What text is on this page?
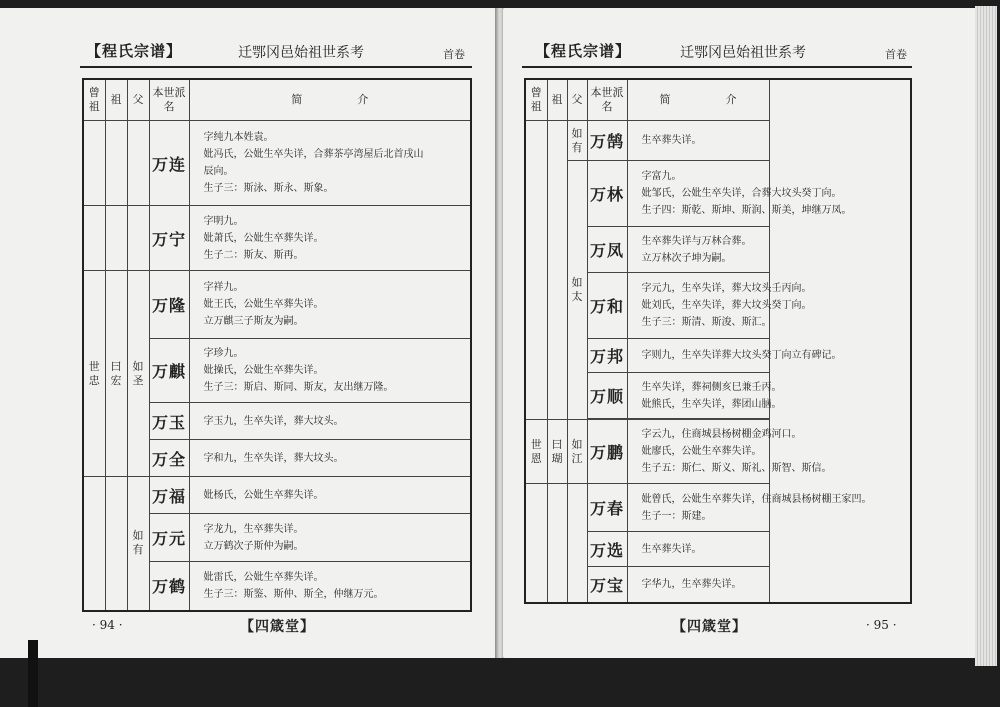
【程氏宗谱】	迁鄂冈邑始祖世系考	首卷
曾祖	祖	父	本世派名	简　　　　　介
			万连	字纯九本姓袁。
妣冯氏，公妣生卒失详，合葬茶亭湾屋后北首戌山
辰向。
生子三：斯泳、斯永、斯象。

			万宁	字明九。
妣萧氏，公妣生卒葬失详。
生子二：斯友、斯再。

世忠	曰宏	如圣	万隆	字祥九。
妣王氏，公妣生卒葬失详。
立万麒三子斯友为嗣。

			万麒	字珍九。
妣操氏，公妣生卒葬失详。
生子三：斯启、斯同、斯友，友出继万隆。

			万玉	字玉九，生卒失详，葬大坟头。

			万全	字和九，生卒失详，葬大坟头。

		如有	万福	妣杨氏，公妣生卒葬失详。

			万元	字龙九，生卒葬失详。
立万鹤次子斯仲为嗣。

			万鹤	妣雷氏，公妣生卒葬失详。
生子三：斯鉴、斯仲、斯全，仲继万元。
· 94 ·	【四箴堂】
【程氏宗谱】	迁鄂冈邑始祖世系考	首卷
曾祖	祖	父	本世派名	简　　　　　介	
		如有	万鹄	生卒葬失详。	

		如太	万林	字富九。
妣邹氏，公妣生卒失详，合葬大坟头癸丁向。
生子四：斯乾、斯坤、斯润、斯美，坤继万凤。	

			万凤	生卒葬失详与万林合葬。
立万林次子坤为嗣。	

			万和	字元九，生卒失详，葬大坟头壬丙向。
妣刘氏，生卒失详，葬大坟头癸丁向。
生子三：斯清、斯浚、斯汇。	

			万邦	字则九，生卒失详葬大坟头癸丁向立有碑记。	

			万顺	生卒失详，葬祠侧亥巳兼壬丙。
妣熊氏，生卒失详，葬团山脑。	

世恩	曰瑚	如江	万鹏	字云九，住商城县杨树棚金鸡河口。
妣廖氏，公妣生卒葬失详。
生子五：斯仁、斯义、斯礼、斯智、斯信。	

			万春	妣曾氏，公妣生卒葬失详，住商城县杨树棚王家凹。
生子一：斯建。	

			万选	生卒葬失详。	

			万宝	字华九，生卒葬失详。	
【四箴堂】	· 95 ·
